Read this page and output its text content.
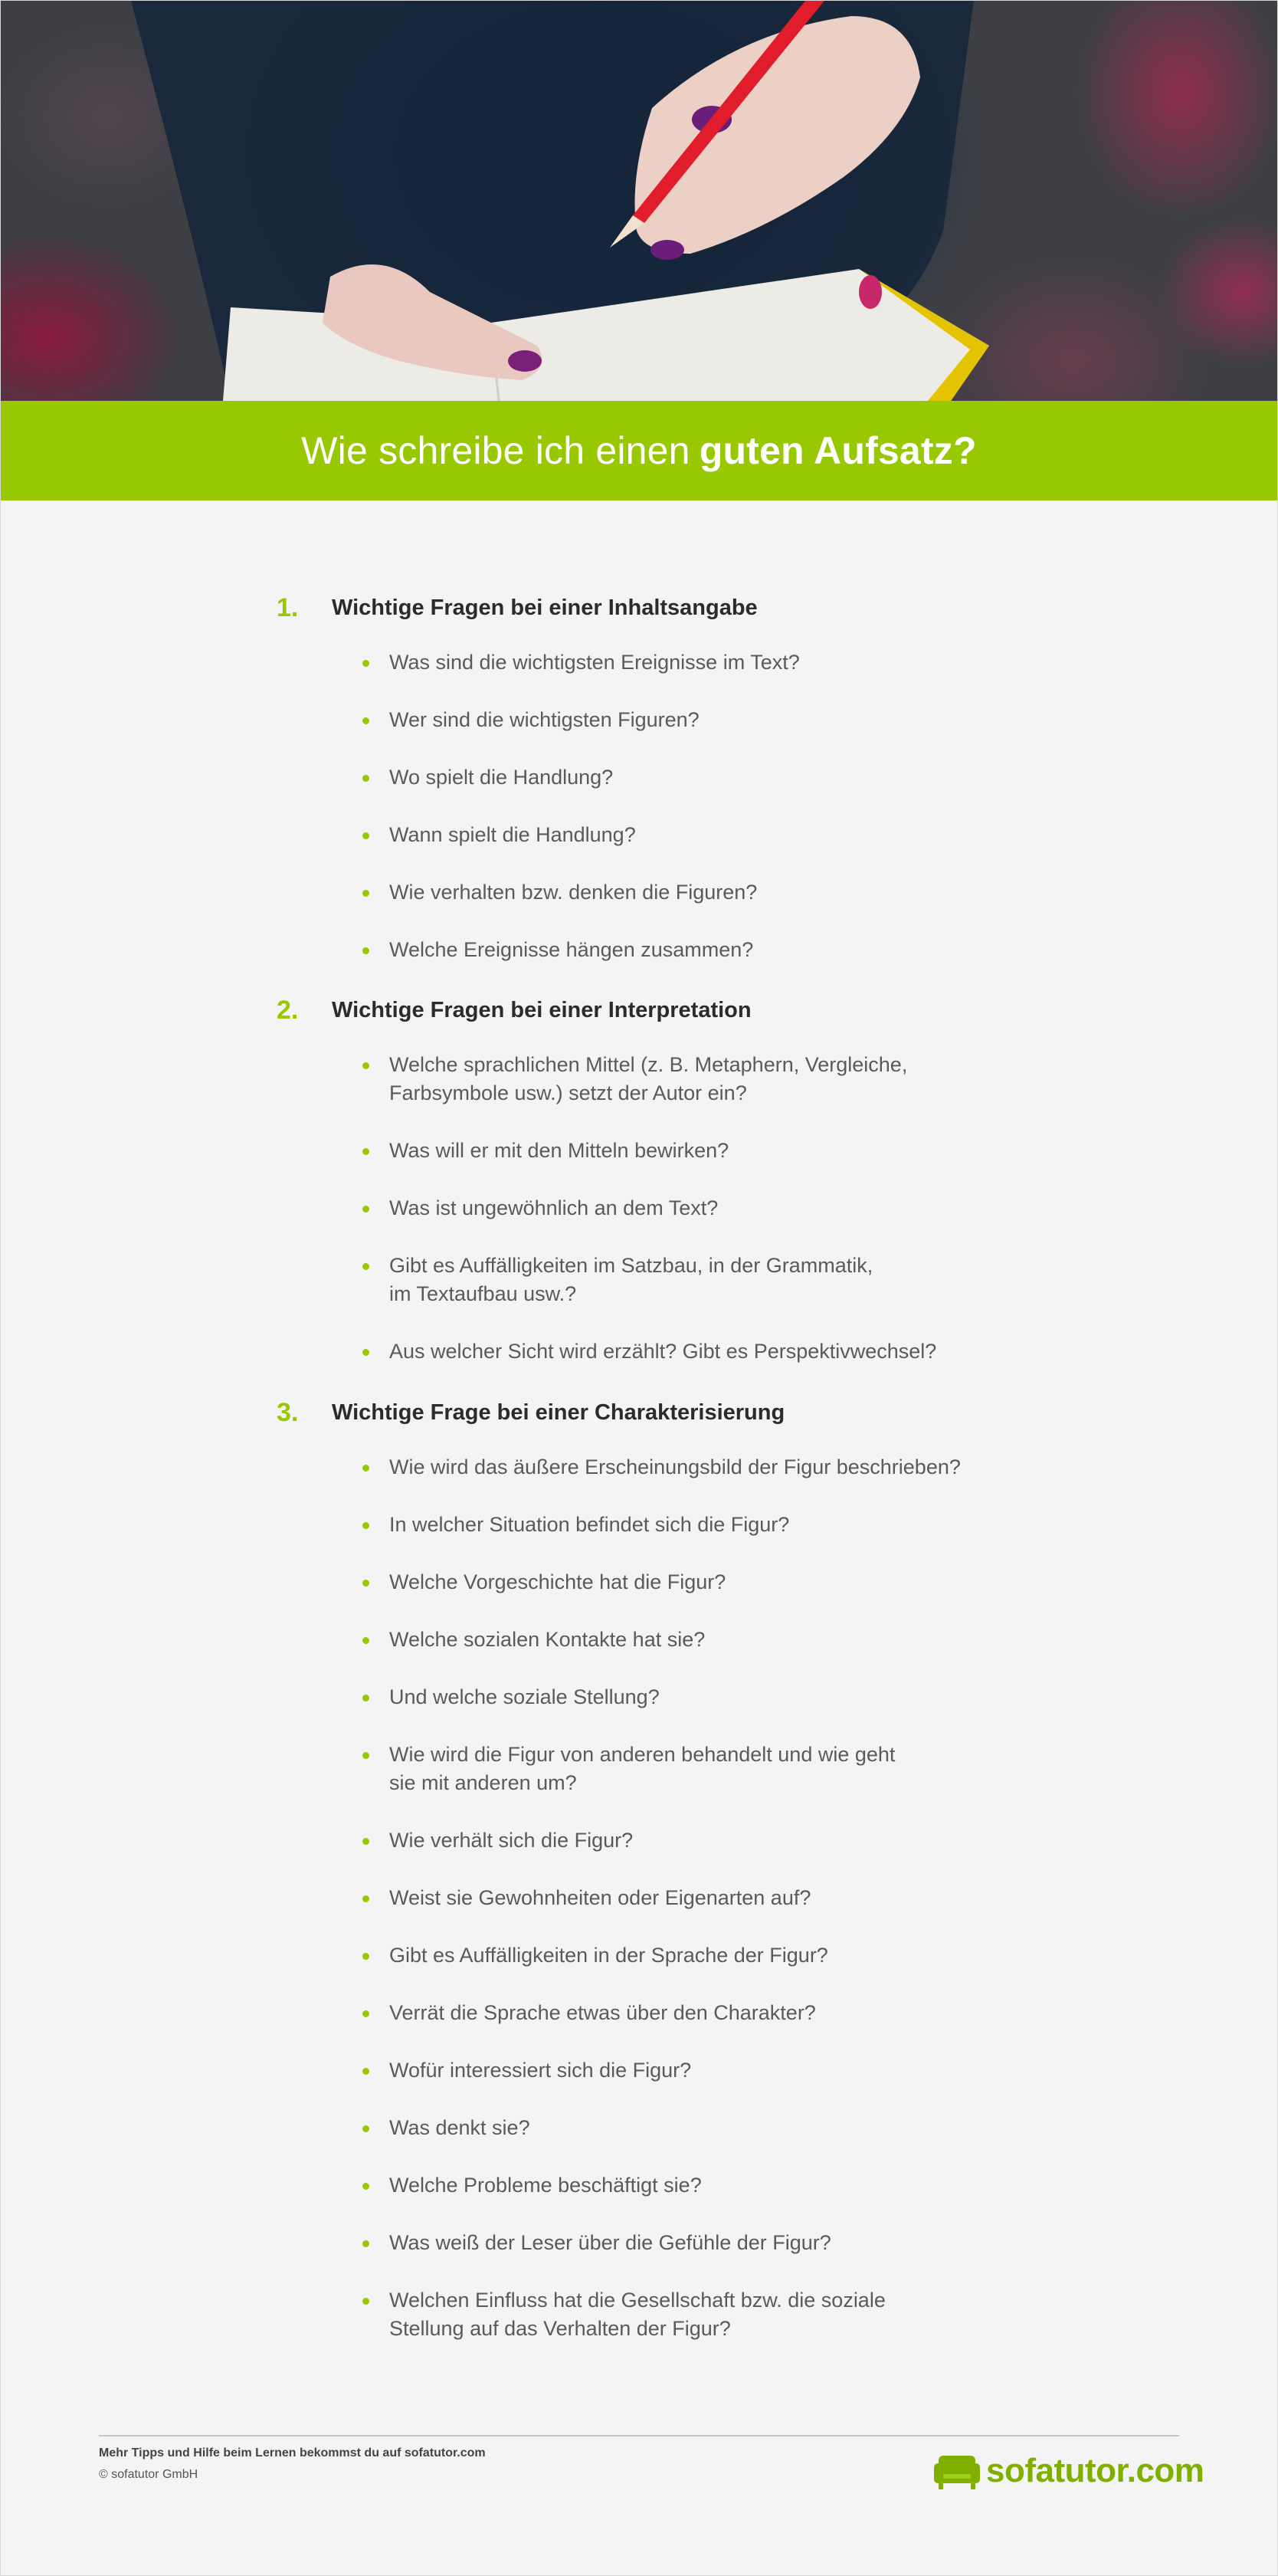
Wie schreibe ich einen guten Aufsatz?
1.	Wichtige Fragen bei einer Inhaltsangabe
Was sind die wichtigsten Ereignisse im Text?
Wer sind die wichtigsten Figuren?
Wo spielt die Handlung?
Wann spielt die Handlung?
Wie verhalten bzw. denken die Figuren?
Welche Ereignisse hängen zusammen?
2.	Wichtige Fragen bei einer Interpretation
Welche sprachlichen Mittel (z. B. Metaphern, Vergleiche,
Farbsymbole usw.) setzt der Autor ein?
Was will er mit den Mitteln bewirken?
Was ist ungewöhnlich an dem Text?
Gibt es Auffälligkeiten im Satzbau, in der Grammatik,
im Textaufbau usw.?
Aus welcher Sicht wird erzählt? Gibt es Perspektivwechsel?
3.	Wichtige Frage bei einer Charakterisierung
Wie wird das äußere Erscheinungsbild der Figur beschrieben?
In welcher Situation befindet sich die Figur?
Welche Vorgeschichte hat die Figur?
Welche sozialen Kontakte hat sie?
Und welche soziale Stellung?
Wie wird die Figur von anderen behandelt und wie geht
sie mit anderen um?
Wie verhält sich die Figur?
Weist sie Gewohnheiten oder Eigenarten auf?
Gibt es Auffälligkeiten in der Sprache der Figur?
Verrät die Sprache etwas über den Charakter?
Wofür interessiert sich die Figur?
Was denkt sie?
Welche Probleme beschäftigt sie?
Was weiß der Leser über die Gefühle der Figur?
Welchen Einfluss hat die Gesellschaft bzw. die soziale
Stellung auf das Verhalten der Figur?
Mehr Tipps und Hilfe beim Lernen bekommst du auf sofatutor.com
© sofatutor GmbH	sofatutor.com
